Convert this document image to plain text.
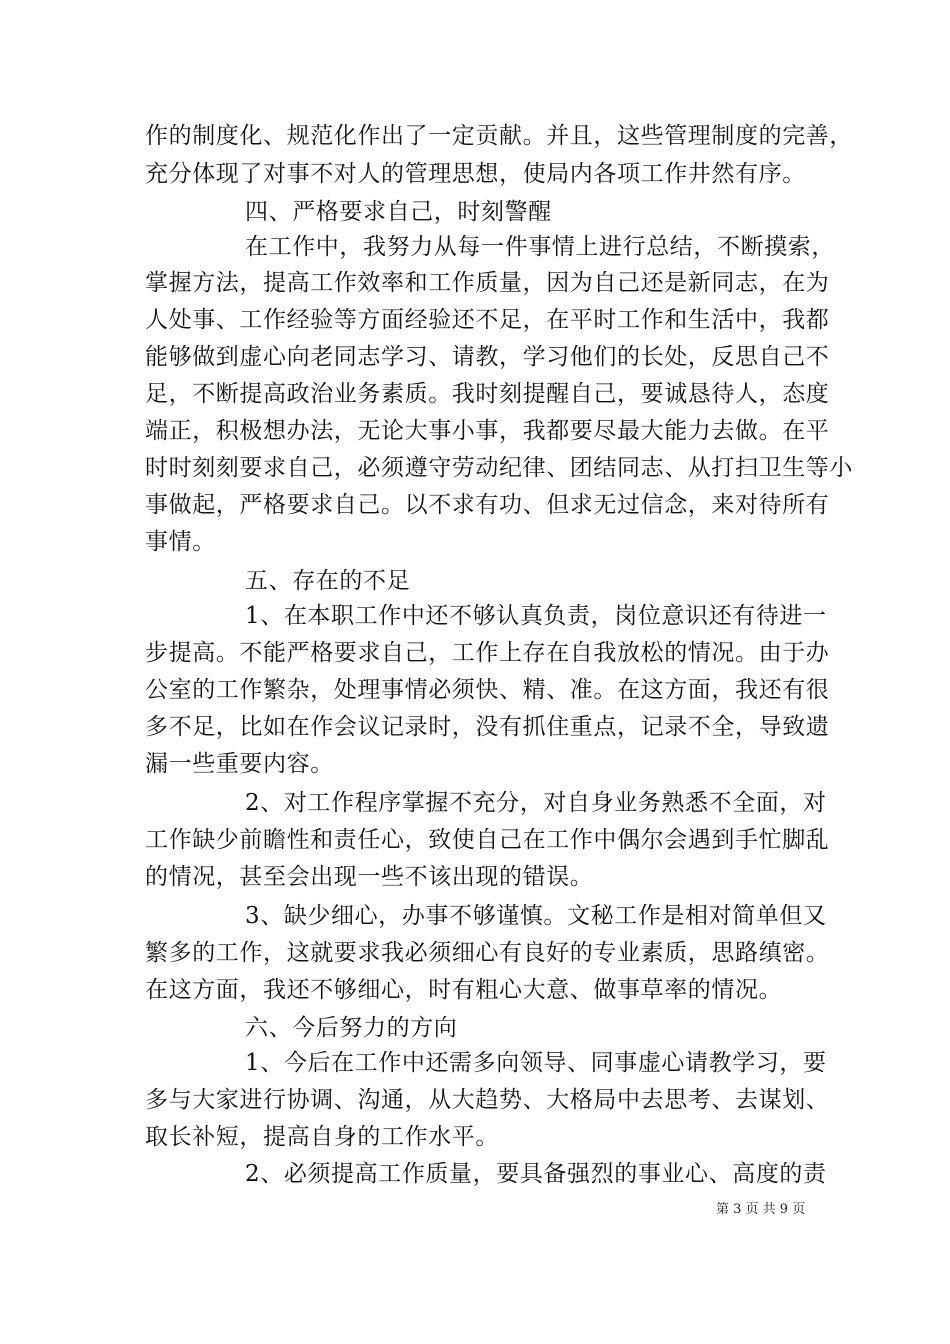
作的制度化、规范化作出了一定贡献。并且，这些管理制度的完善，
充分体现了对事不对人的管理思想，使局内各项工作井然有序。
四、严格要求自己，时刻警醒
在工作中，我努力从每一件事情上进行总结，不断摸索，
掌握方法，提高工作效率和工作质量，因为自己还是新同志，在为
人处事、工作经验等方面经验还不足，在平时工作和生活中，我都
能够做到虚心向老同志学习、请教，学习他们的长处，反思自己不
足，不断提高政治业务素质。我时刻提醒自己，要诚恳待人，态度
端正，积极想办法，无论大事小事，我都要尽最大能力去做。在平
时时刻刻要求自己，必须遵守劳动纪律、团结同志、从打扫卫生等小
事做起，严格要求自己。以不求有功、但求无过信念，来对待所有
事情。
五、存在的不足
1、在本职工作中还不够认真负责，岗位意识还有待进一
步提高。不能严格要求自己，工作上存在自我放松的情况。由于办
公室的工作繁杂，处理事情必须快、精、准。在这方面，我还有很
多不足，比如在作会议记录时，没有抓住重点，记录不全，导致遗
漏一些重要内容。
2、对工作程序掌握不充分，对自身业务熟悉不全面，对
工作缺少前瞻性和责任心，致使自己在工作中偶尔会遇到手忙脚乱
的情况，甚至会出现一些不该出现的错误。
3、缺少细心，办事不够谨慎。文秘工作是相对简单但又
繁多的工作，这就要求我必须细心有良好的专业素质，思路缜密。
在这方面，我还不够细心，时有粗心大意、做事草率的情况。
六、今后努力的方向
1、今后在工作中还需多向领导、同事虚心请教学习，要
多与大家进行协调、沟通，从大趋势、大格局中去思考、去谋划、
取长补短，提高自身的工作水平。
2、必须提高工作质量，要具备强烈的事业心、高度的责
第 3 页 共 9 页
